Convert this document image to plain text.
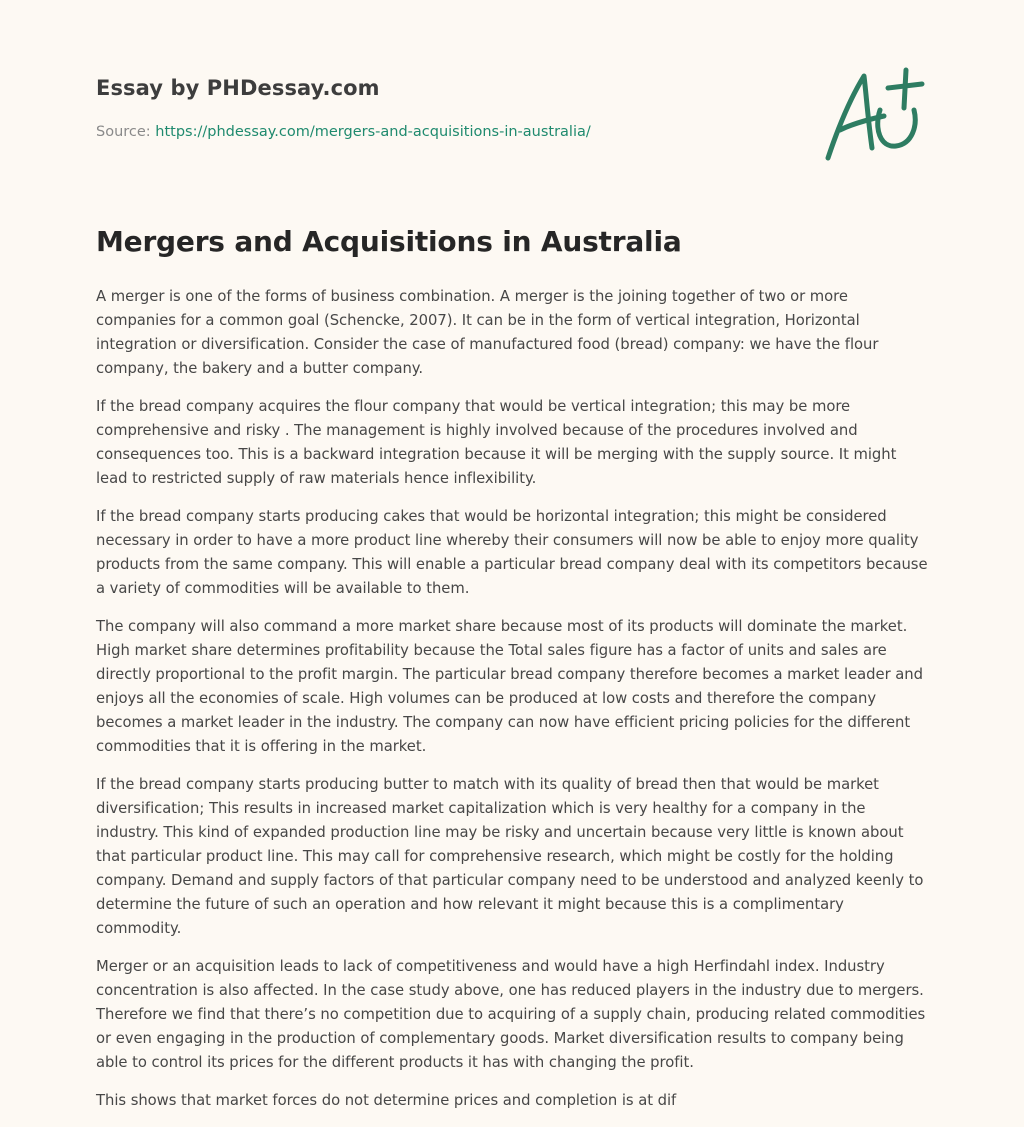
Essay by PHDessay.com
Source: https://phdessay.com/mergers-and-acquisitions-in-australia/
Mergers and Acquisitions in Australia

A merger is one of the forms of business combination. A merger is the joining together of two or more companies for a common goal (Schencke, 2007). It can be in the form of vertical integration, Horizontal integration or diversification. Consider the case of manufactured food (bread) company: we have the flour   company, the bakery and a butter company.

If the bread company acquires the flour company that would be vertical integration; this may be more comprehensive and risky . The management is highly involved because of the procedures involved and consequences too. This is a backward integration because it will be merging with the supply source. It might lead to restricted supply of raw materials hence inflexibility.

If the bread company starts producing cakes that would be horizontal integration; this might be considered necessary in order to have a more product line whereby their consumers will now be able to enjoy more quality products from the same company. This will enable a particular bread company deal with its competitors because a variety of commodities will be available to them.

The company will also command a more market share because most of its products will dominate the market. High market share determines profitability because the Total sales figure has a factor of units and sales are directly proportional to the profit margin. The particular bread company therefore becomes a market leader and enjoys all the economies of scale. High volumes can be produced at low costs and therefore the company becomes a market leader in the industry. The company can now have efficient pricing policies for the different commodities that it is offering in the market.

If the bread company starts producing butter to match with its quality of bread then that would be market diversification; This results in increased market capitalization which is very healthy for a company in the industry. This kind of expanded production line may be risky and uncertain because very little is known about that particular product line. This may call for comprehensive research, which might be costly for the holding company. Demand and supply factors of that particular company need to be understood and analyzed keenly to determine the future of such an operation and how relevant it might because this is a complimentary commodity.

Merger or an acquisition leads to lack of competitiveness and would have a high Herfindahl index. Industry concentration is also affected. In the case study above, one has reduced players in the industry due to mergers. Therefore we find that there’s no competition due to acquiring of a supply chain, producing related commodities or even engaging in the production of complementary goods. Market diversification results to company being able to control its prices for the different products it has with changing the profit.

This shows that market forces do not determine prices and completion is at dif
